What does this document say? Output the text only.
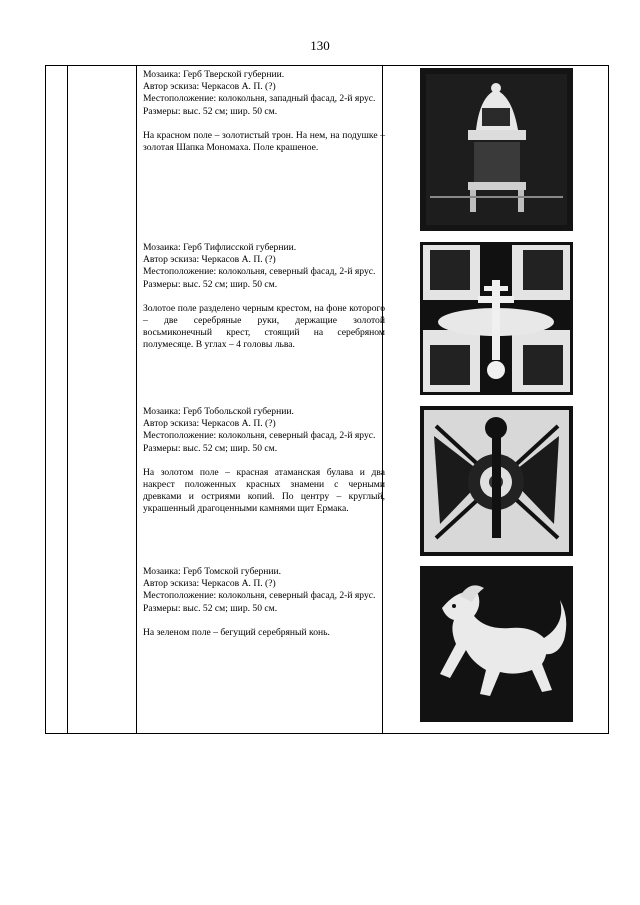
130

Мозаика: Герб Тверской губернии.

Автор эскиза: Черкасов А. П. (?)

Местоположение: колокольня, западный фасад, 2-й ярус.

Размеры: выс. 52 см; шир. 50 см.

На красном поле – золотистый трон. На нем, на подушке – золотая Шапка Мономаха. Поле крашеное.

Мозаика: Герб Тифлисской губернии.

Автор эскиза: Черкасов А. П. (?)

Местоположение: колокольня, северный фасад, 2-й ярус.

Размеры: выс. 52 см; шир. 50 см.

Золотое поле разделено черным крестом, на фоне которого – две серебряные руки, держащие золотой восьмиконечный крест, стоящий на серебряном полумесяце. В углах – 4 головы льва.

Мозаика: Герб Тобольской губернии.

Автор эскиза: Черкасов А. П. (?)

Местоположение: колокольня, северный фасад, 2-й ярус.

Размеры: выс. 52 см; шир. 50 см.

На золотом поле – красная атаманская булава и два накрест положенных красных знамени с черными древками и остриями копий. По центру – круглый, украшенный драгоценными камнями щит Ермака.

Мозаика: Герб Томской губернии.

Автор эскиза: Черкасов А. П. (?)

Местоположение: колокольня, северный фасад, 2-й ярус.

Размеры: выс. 52 см; шир. 50 см.

На зеленом поле – бегущий серебряный конь.
